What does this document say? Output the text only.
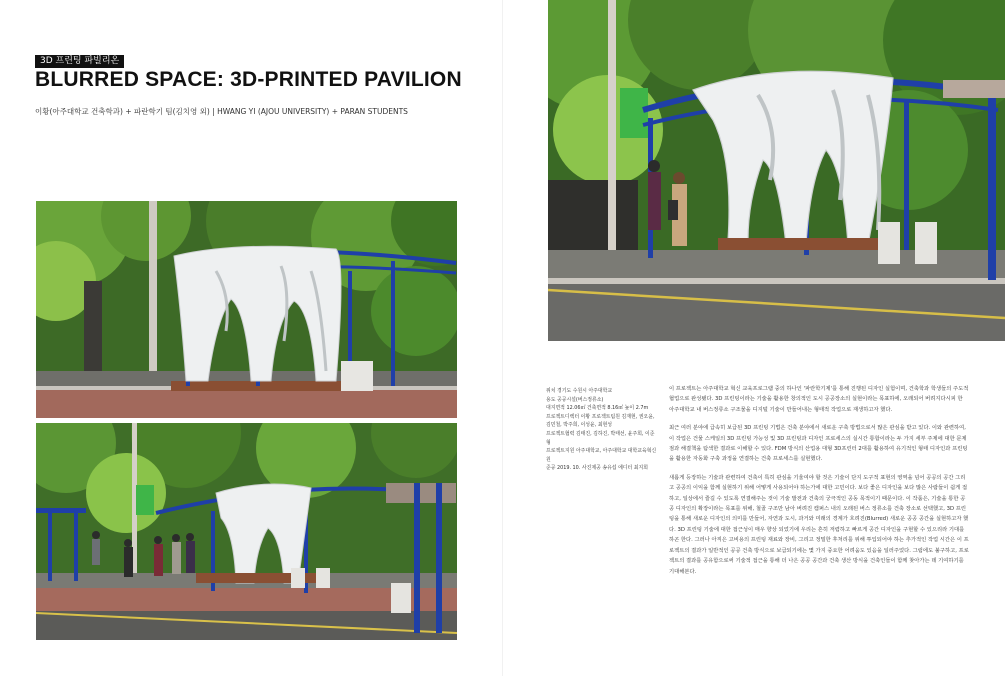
3D 프린팅 파빌리온
BLURRED SPACE: 3D-PRINTED PAVILION
이황(아주대학교 건축학과) + 파란학기 팀(김치영 외) | HWANG YI (AJOU UNIVERSITY) + PARAN STUDENTS
위치 경기도 수원시 아주대학교
용도 공공시설(버스정류소)
대지면적 12.06㎡ 건축면적 8.16㎡ 높이 2.7m
프로젝트디렉터 이황 프로젝트팀원 김재현, 권오윤,
김민철, 박주희, 이성윤, 최현성
프로젝트협력 김태진, 김하진, 박태선, 윤주희, 이준형
프로젝트지원 아주대학교, 아주대학교 대학교육혁신원
준공 2019. 10. 사진제공 송유섭 에디터 최지희

이 프로젝트는 아주대학교 혁신 교육프로그램 중의 하나인 '파란학기제'를 통해 진행된 디자인 실험이며, 건축학과 학생들의 주도적 협업으로 완성됐다. 3D 프린팅이라는 기술을 활용한 창의적인 도시 공공장소의 실현이라는 목표하에, 오래되어 버려지다시피 한 아주대학교 내 버스정류소 구조물을 디지털 기술이 만들어내는 형태적 작업으로 재생하고자 했다.

최근 여러 분야에 급속히 보급된 3D 프린팅 기법은 건축 분야에서 새로운 구축 방법으로서 많은 관심을 받고 있다. 이와 관련하여, 이 작업은 건물 스케일의 3D 프린팅 가능성 및 3D 프린팅과 디자인 프로세스의 실시간 통합이라는 두 가지 세부 주제에 대한 문제점과 해결책을 탐색한 결과로 이해할 수 있다. FDM 방식의 산업용 대형 3D프린터 2대를 활용하여 유기적인 형태 디자인과 프린팅을 활용한 자동화 구축 과정을 연결하는 건축 프로세스를 실현했다.

새롭게 등장하는 기술과 관련하여 건축이 특히 관심을 기울여야 할 것은 기술이 단지 도구적 표현의 영역을 넘어 공공의 공간 그리고 공공의 이익을 함께 실현하기 위해 어떻게 사용되어야 하는가에 대한 고민이다. 보다 좋은 디자인을 보다 많은 사람들이 쉽게 접하고, 일상에서 즐길 수 있도록 연결해주는 것이 기술 발전과 건축의 궁극적인 공동 목적이기 때문이다. 이 작품은, 기술을 통한 공공 디자인의 확장이라는 목표를 위해, 철골 구조만 남아 버려진 캠퍼스 내의 오래된 버스 정류소를 건축 장소로 선택했고, 3D 프린팅을 통해 새로운 디자인의 의미를 만들어, 자연과 도시, 과거와 미래의 경계가 흐려진(Blurred) 새로운 공공 공간을 실현하고자 했다. 3D 프린팅 기술에 대한 접근성이 매우 향상 되었기에 우리는 흔히 저렴하고 빠르게 공간 디자인을 구현할 수 있으리라 기대를 하곤 한다. 그러나 아직은 고비용의 프린팅 재료와 장비, 그리고 정밀한 후처리를 위해 투입되어야 하는 추가적인 작업 시간은 이 프로젝트의 결과가 일반적인 공공 건축 방식으로 보급되기에는 몇 가지 중요한 어려움도 있음을 일러주었다. 그럼에도 불구하고, 프로젝트의 결과를 공유함으로써 기술적 접근을 통해 더 나은 공공 공간과 건축 생산 방식을 건축인들이 함께 찾아가는 데 기여하기를 기대해본다.
